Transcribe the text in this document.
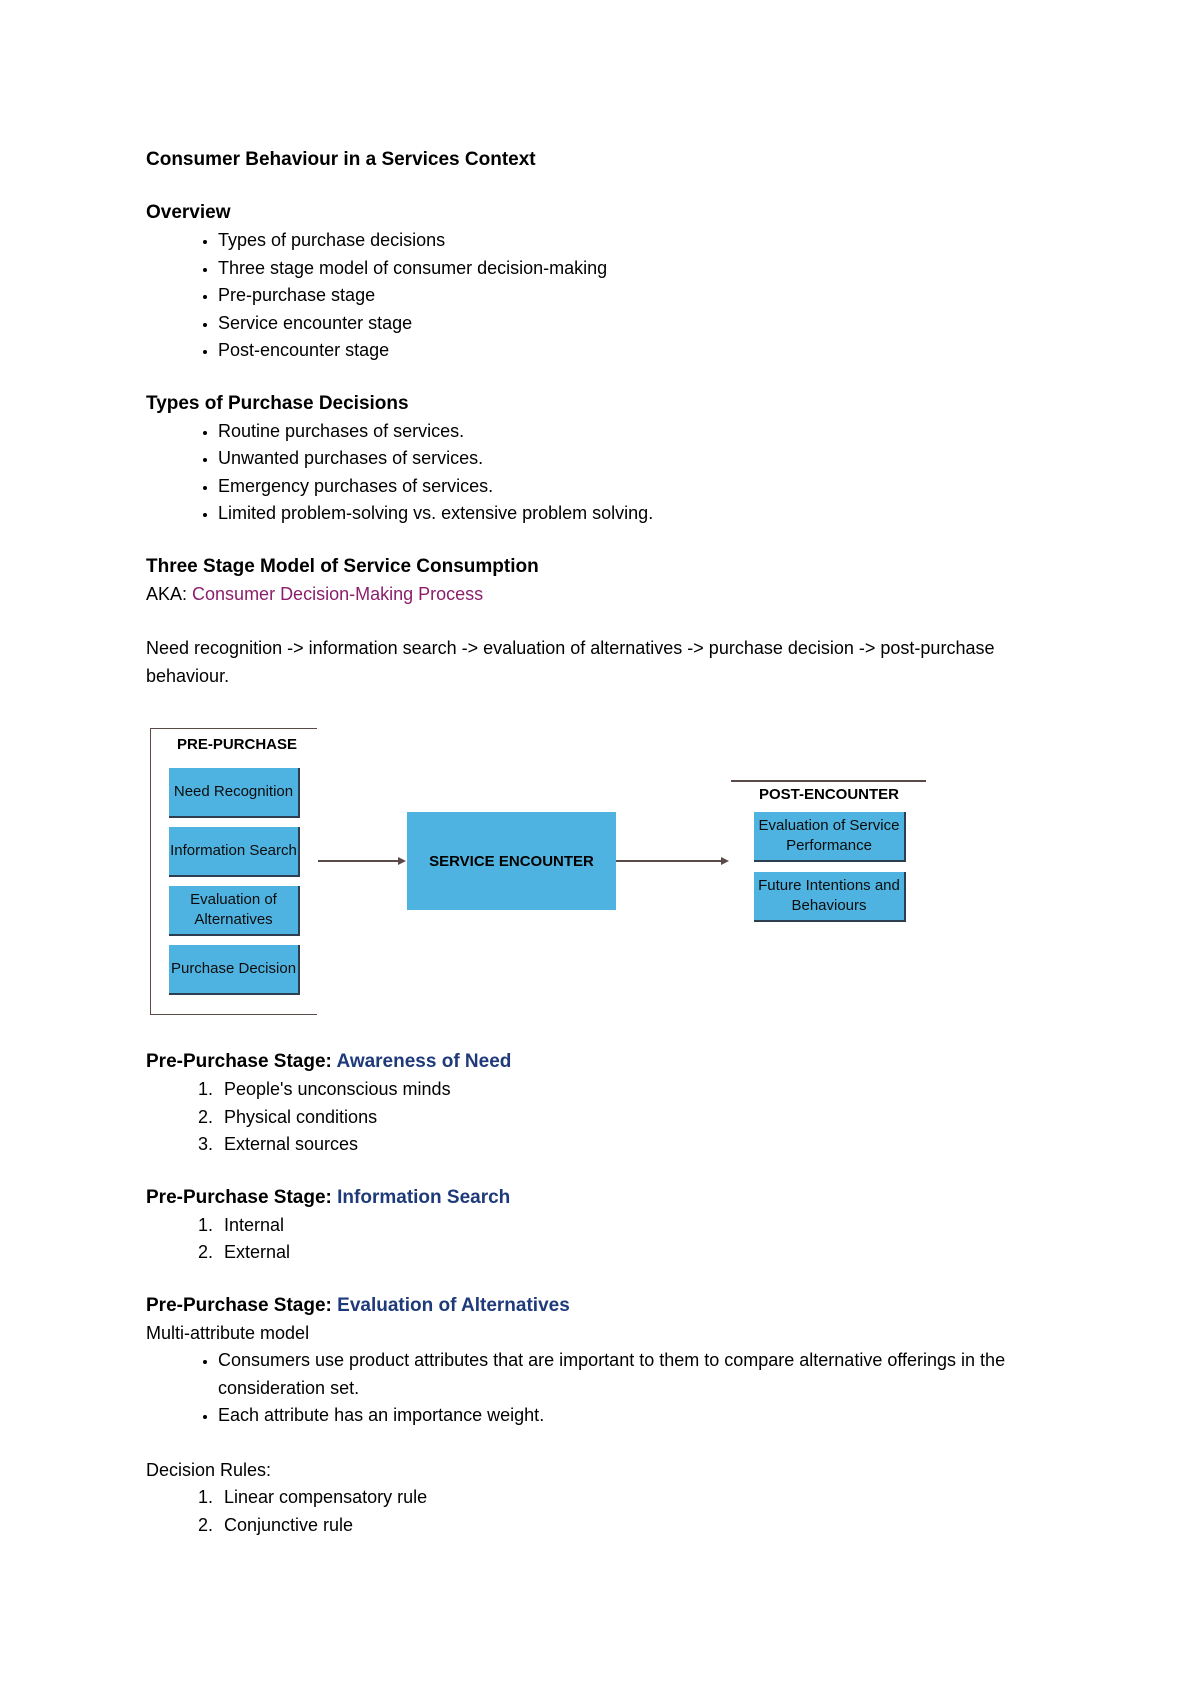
Consumer Behaviour in a Services Context
Overview
• Types of purchase decisions
• Three stage model of consumer decision-making
• Pre-purchase stage
• Service encounter stage
• Post-encounter stage
Types of Purchase Decisions
• Routine purchases of services.
• Unwanted purchases of services.
• Emergency purchases of services.
• Limited problem-solving vs. extensive problem solving.
Three Stage Model of Service Consumption

AKA: Consumer Decision-Making Process

Need recognition -> information search -> evaluation of alternatives -> purchase decision -> post-purchase behaviour.

Pre-Purchase Stage: Awareness of Need
1. People's unconscious minds
2. Physical conditions
3. External sources
Pre-Purchase Stage: Information Search
1. Internal
2. External
Pre-Purchase Stage: Evaluation of Alternatives

Multi-attribute model

• Consumers use product attributes that are important to them to compare alternative offerings in the consideration set.
• Each attribute has an importance weight.

Decision Rules:

1. Linear compensatory rule
2. Conjunctive rule
PRE-PURCHASE
Need Recognition
Information Search
Evaluation of Alternatives
Purchase Decision
SERVICE ENCOUNTER
POST-ENCOUNTER
Evaluation of Service Performance
Future Intentions and Behaviours
